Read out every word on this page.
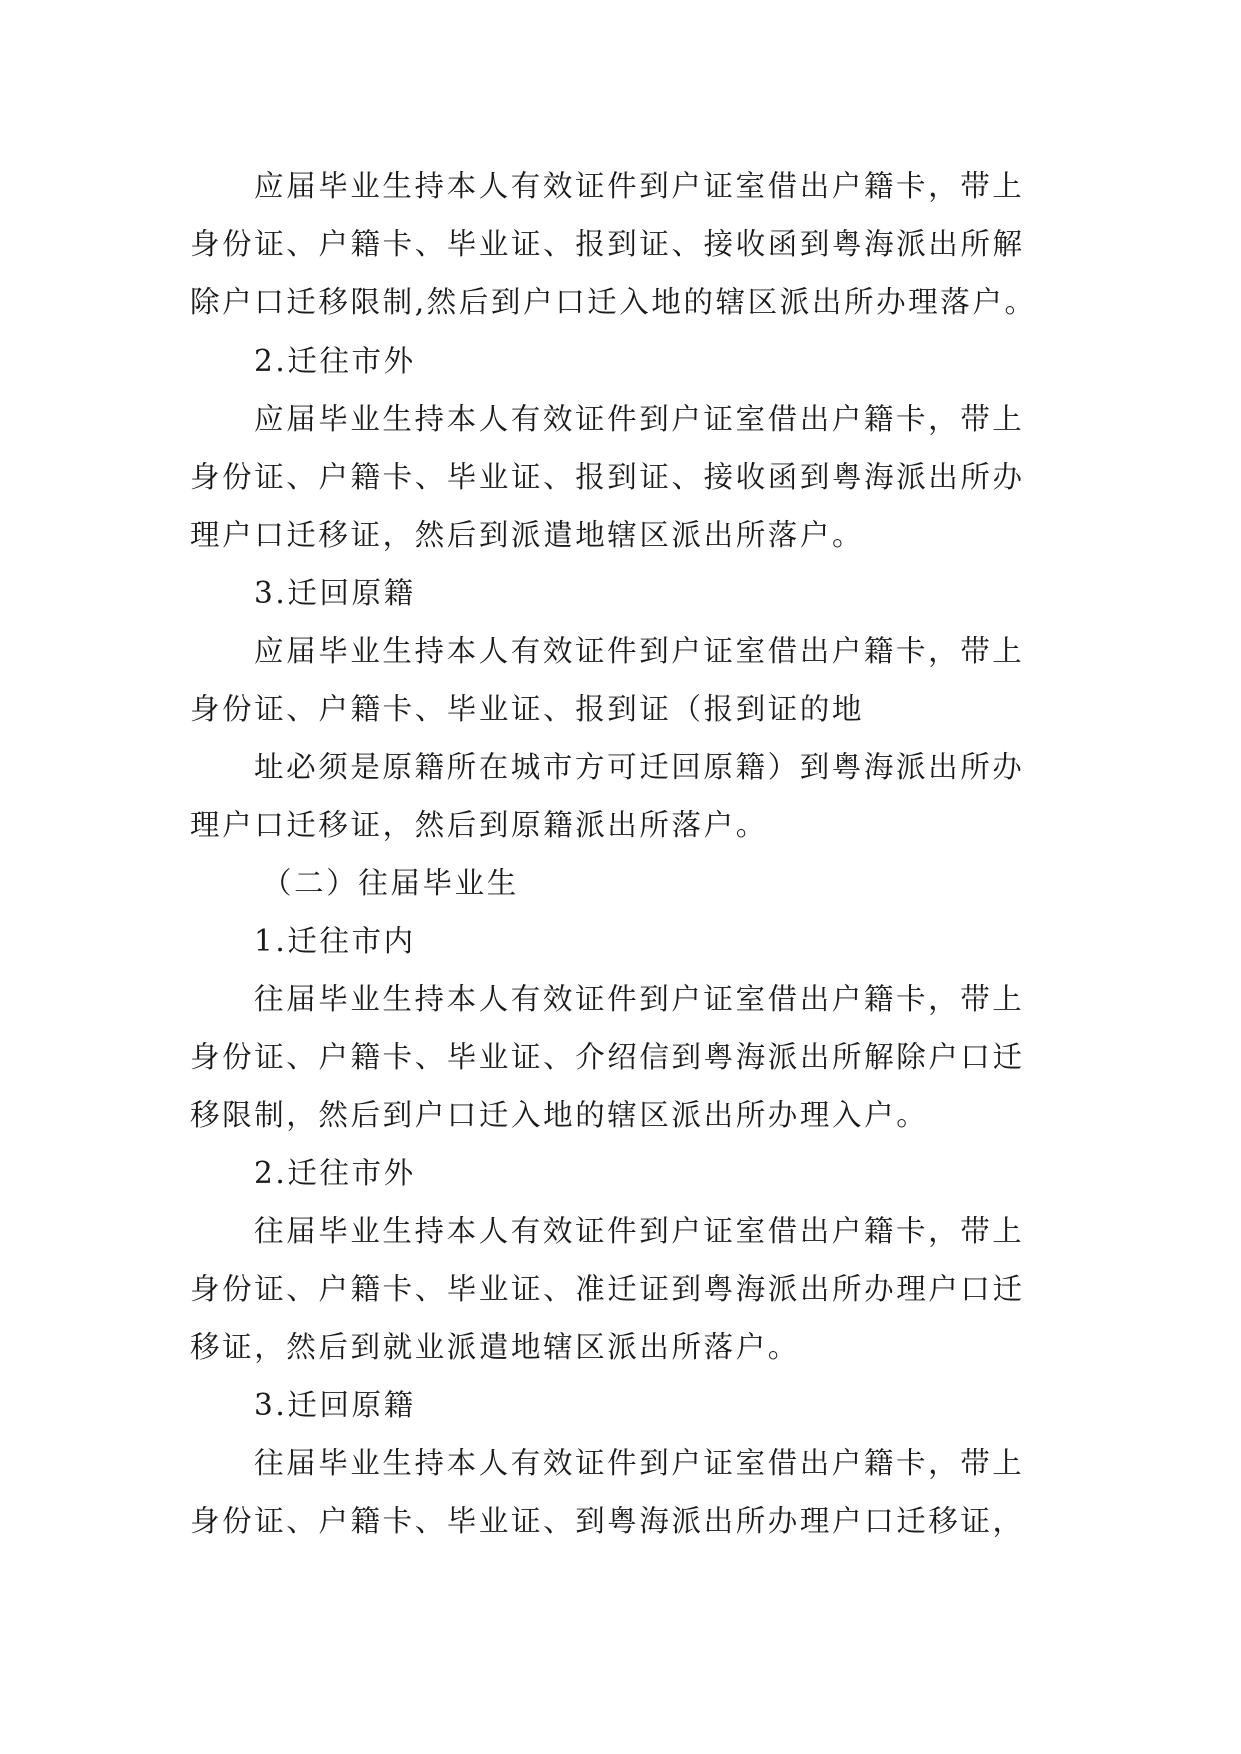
应届毕业生持本人有效证件到户证室借出户籍卡，带上
身份证、户籍卡、毕业证、报到证、接收函到粤海派出所解
除户口迁移限制,然后到户口迁入地的辖区派出所办理落户。
2.迁往市外
应届毕业生持本人有效证件到户证室借出户籍卡，带上
身份证、户籍卡、毕业证、报到证、接收函到粤海派出所办
理户口迁移证，然后到派遣地辖区派出所落户。
3.迁回原籍
应届毕业生持本人有效证件到户证室借出户籍卡，带上
身份证、户籍卡、毕业证、报到证（报到证的地
址必须是原籍所在城市方可迁回原籍）到粤海派出所办
理户口迁移证，然后到原籍派出所落户。
（二）往届毕业生
1.迁往市内
往届毕业生持本人有效证件到户证室借出户籍卡，带上
身份证、户籍卡、毕业证、介绍信到粤海派出所解除户口迁
移限制，然后到户口迁入地的辖区派出所办理入户。
2.迁往市外
往届毕业生持本人有效证件到户证室借出户籍卡，带上
身份证、户籍卡、毕业证、准迁证到粤海派出所办理户口迁
移证，然后到就业派遣地辖区派出所落户。
3.迁回原籍
往届毕业生持本人有效证件到户证室借出户籍卡，带上
身份证、户籍卡、毕业证、到粤海派出所办理户口迁移证，
